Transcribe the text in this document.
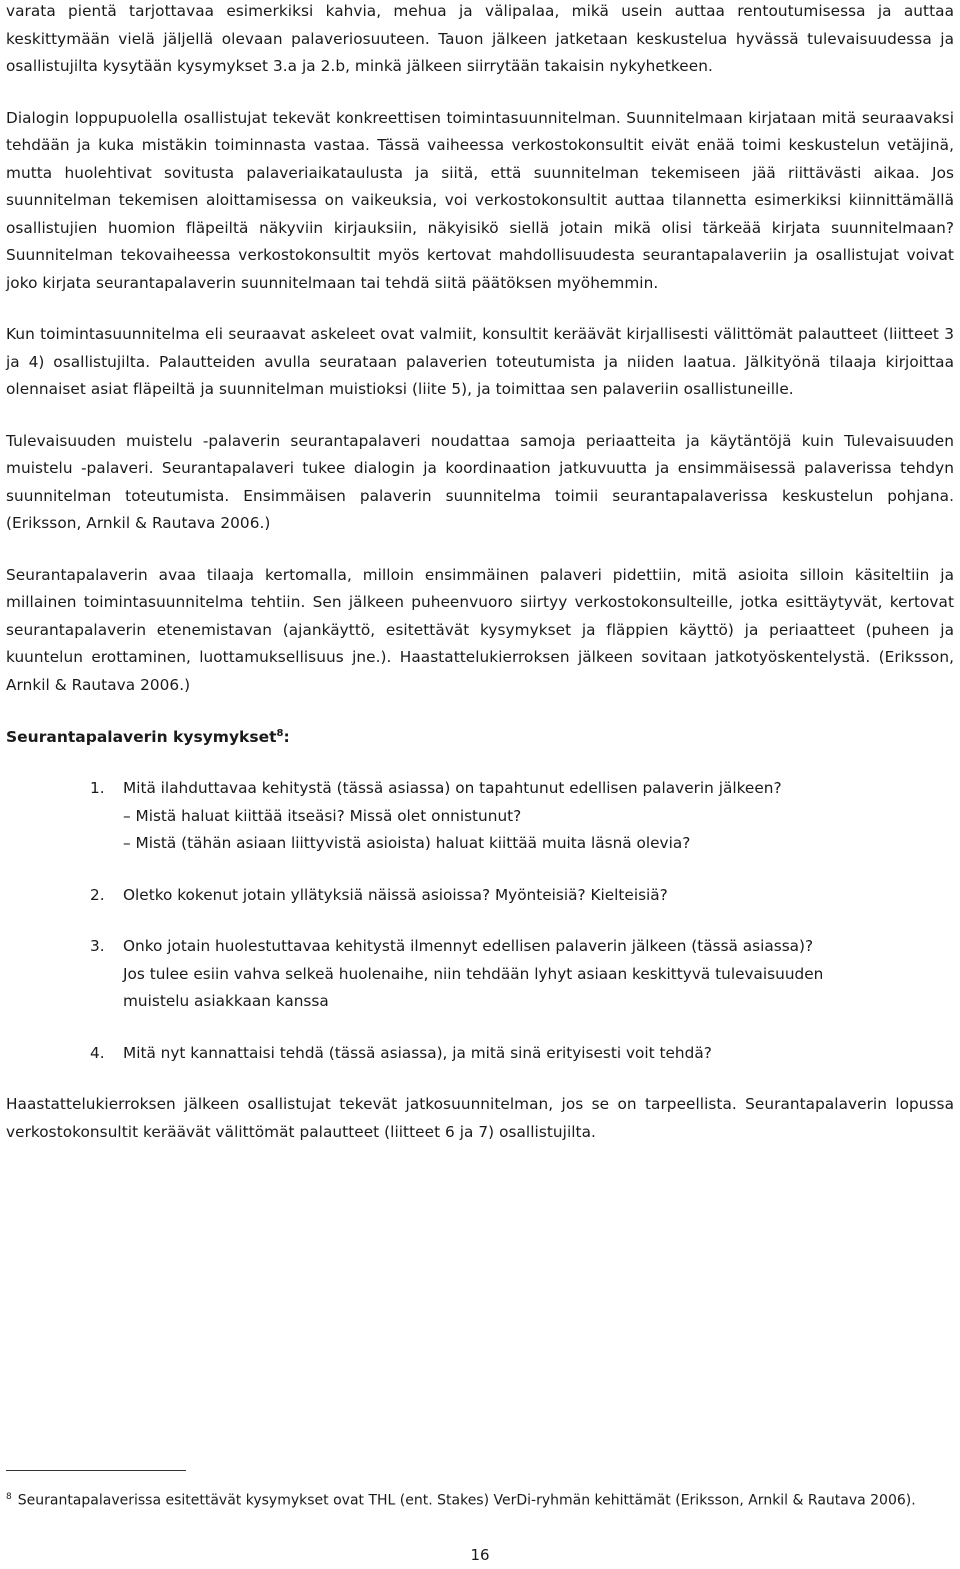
varata pientä tarjottavaa esimerkiksi kahvia, mehua ja välipalaa, mikä usein auttaa rentoutumisessa ja auttaa keskittymään vielä jäljellä olevaan palaveriosuuteen. Tauon jälkeen jatketaan keskustelua hyvässä tulevaisuudessa ja osallistujilta kysytään kysymykset 3.a ja 2.b, minkä jälkeen siirrytään takaisin nykyhetkeen.

Dialogin loppupuolella osallistujat tekevät konkreettisen toimintasuunnitelman. Suunnitelmaan kirjataan mitä seuraavaksi tehdään ja kuka mistäkin toiminnasta vastaa. Tässä vaiheessa verkostokonsultit eivät enää toimi keskustelun vetäjinä, mutta huolehtivat sovitusta palaveriaikataulusta ja siitä, että suunnitelman tekemiseen jää riittävästi aikaa. Jos suunnitelman tekemisen aloittamisessa on vaikeuksia, voi verkostokonsultit auttaa tilannetta esimerkiksi kiinnittämällä osallistujien huomion fläpeiltä näkyviin kirjauksiin, näkyisikö siellä jotain mikä olisi tärkeää kirjata suunnitelmaan? Suunnitelman tekovaiheessa verkostokonsultit myös kertovat mahdollisuudesta seurantapalaveriin ja osallistujat voivat joko kirjata seurantapalaverin suunnitelmaan tai tehdä siitä päätöksen myöhemmin.

Kun toimintasuunnitelma eli seuraavat askeleet ovat valmiit, konsultit keräävät kirjallisesti välittömät palautteet (liitteet 3 ja 4) osallistujilta. Palautteiden avulla seurataan palaverien toteutumista ja niiden laatua. Jälkityönä tilaaja kirjoittaa olennaiset asiat fläpeiltä ja suunnitelman muistioksi (liite 5), ja toimittaa sen palaveriin osallistuneille.

Tulevaisuuden muistelu -palaverin seurantapalaveri noudattaa samoja periaatteita ja käytäntöjä kuin Tulevaisuuden muistelu -palaveri. Seurantapalaveri tukee dialogin ja koordinaation jatkuvuutta ja ensimmäisessä palaverissa tehdyn suunnitelman toteutumista. Ensimmäisen palaverin suunnitelma toimii seurantapalaverissa keskustelun pohjana. (Eriksson, Arnkil & Rautava 2006.)

Seurantapalaverin avaa tilaaja kertomalla, milloin ensimmäinen palaveri pidettiin, mitä asioita silloin käsiteltiin ja millainen toimintasuunnitelma tehtiin. Sen jälkeen puheenvuoro siirtyy verkostokonsulteille, jotka esittäytyvät, kertovat seurantapalaverin etenemistavan (ajankäyttö, esitettävät kysymykset ja fläppien käyttö) ja periaatteet (puheen ja kuuntelun erottaminen, luottamuksellisuus jne.). Haastattelukierroksen jälkeen sovitaan jatkotyöskentelystä. (Eriksson, Arnkil & Rautava 2006.)

Seurantapalaverin kysymykset$^8$:

1. Mitä ilahduttavaa kehitystä (tässä asiassa) on tapahtunut edellisen palaverin jälkeen?
– Mistä haluat kiittää itseäsi? Missä olet onnistunut?
– Mistä (tähän asiaan liittyvistä asioista) haluat kiittää muita läsnä olevia?
2. Oletko kokenut jotain yllätyksiä näissä asioissa? Myönteisiä? Kielteisiä?
3. Onko jotain huolestuttavaa kehitystä ilmennyt edellisen palaverin jälkeen (tässä asiassa)?
Jos tulee esiin vahva selkeä huolenaihe, niin tehdään lyhyt asiaan keskittyvä tulevaisuuden
muistelu asiakkaan kanssa
4. Mitä nyt kannattaisi tehdä (tässä asiassa), ja mitä sinä erityisesti voit tehdä?

Haastattelukierroksen jälkeen osallistujat tekevät jatkosuunnitelman, jos se on tarpeellista. Seurantapalaverin lopussa verkostokonsultit keräävät välittömät palautteet (liitteet 6 ja 7) osallistujilta.

$^8$ Seurantapalaverissa esitettävät kysymykset ovat THL (ent. Stakes) VerDi-ryhmän kehittämät (Eriksson, Arnkil & Rautava 2006).
16
